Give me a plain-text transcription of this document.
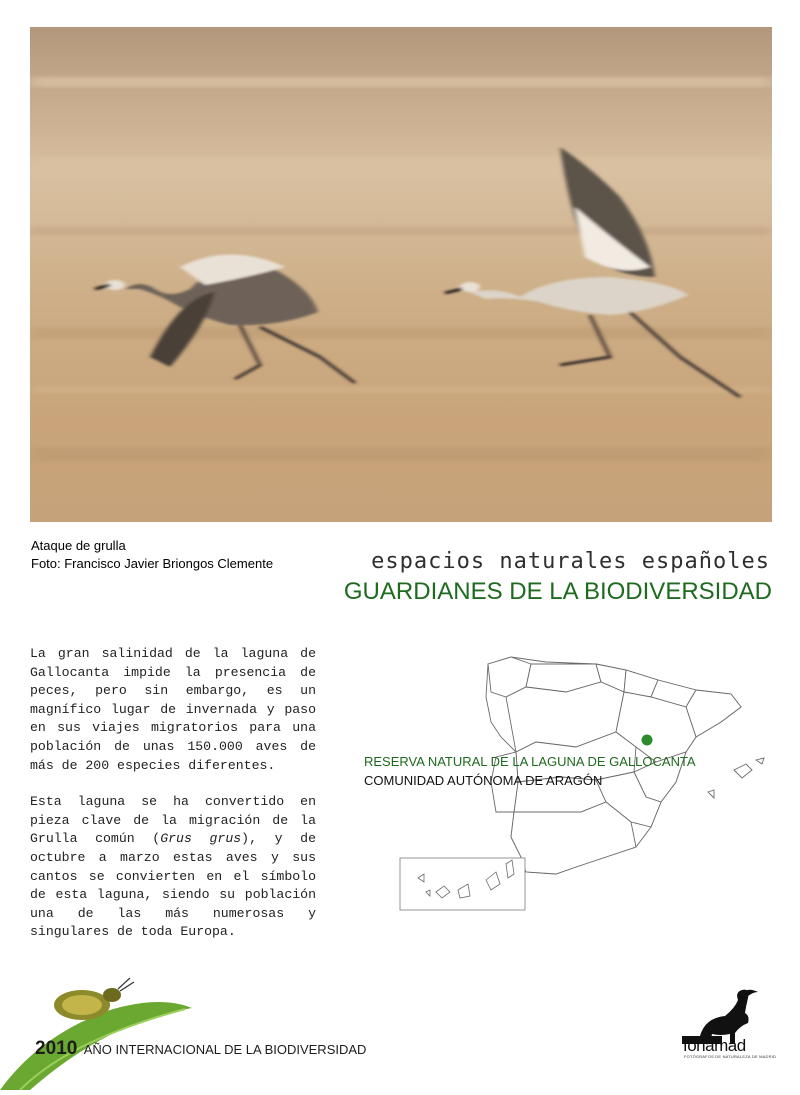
Ataque de grulla
Foto: Francisco Javier Briongos Clemente	espacios naturales españoles
GUARDIANES DE LA BIODIVERSIDAD

La gran salinidad de la laguna de Gallocanta impide la presencia de peces, pero sin embargo, es un magnífico lugar de invernada y paso en sus viajes migratorios para una población de unas 150.000 aves de más de 200 especies diferentes.

Esta laguna se ha convertido en pieza clave de la migración de la Grulla común (Grus grus), y de octubre a marzo estas aves y sus cantos se convierten en el símbolo de esta laguna, siendo su población una de las más numerosas y singulares de toda Europa.

RESERVA NATURAL DE LA LAGUNA DE GALLOCANTA
COMUNIDAD AUTÓNOMA DE ARAGÓN
2010 AÑO INTERNACIONAL DE LA BIODIVERSIDAD	fonamad
FOTÓGRAFOS DE NATURALEZA DE MADRID
